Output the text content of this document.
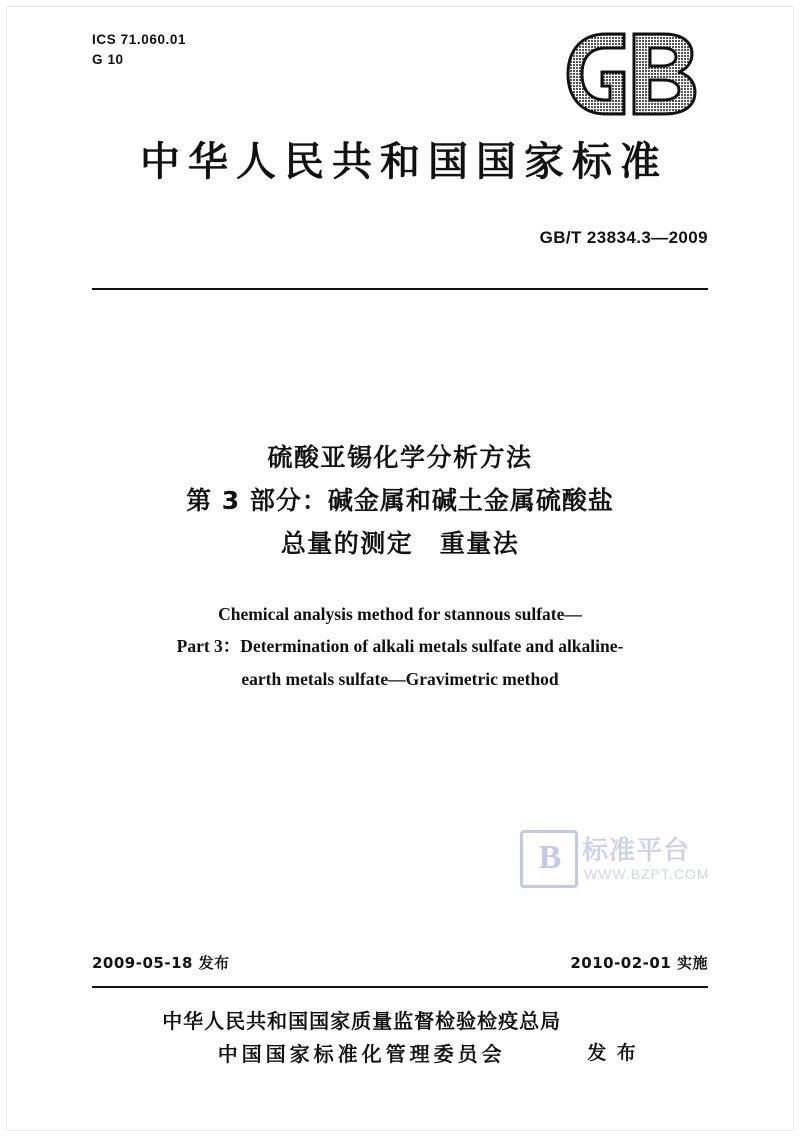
ICS 71.060.01
G 10
中华人民共和国国家标准
GB/T 23834.3—2009
硫酸亚锡化学分析方法
第 3 部分：碱金属和碱土金属硫酸盐
总量的测定　重量法
Chemical analysis method for stannous sulfate—
Part 3：Determination of alkali metals sulfate and alkaline-
earth metals sulfate—Gravimetric method
B 标准平台
WWW.BZPT.COM
2009-05-18 发布	2010-02-01 实施
中华人民共和国国家质量监督检验检疫总局
中国国家标准化管理委员会	发 布
